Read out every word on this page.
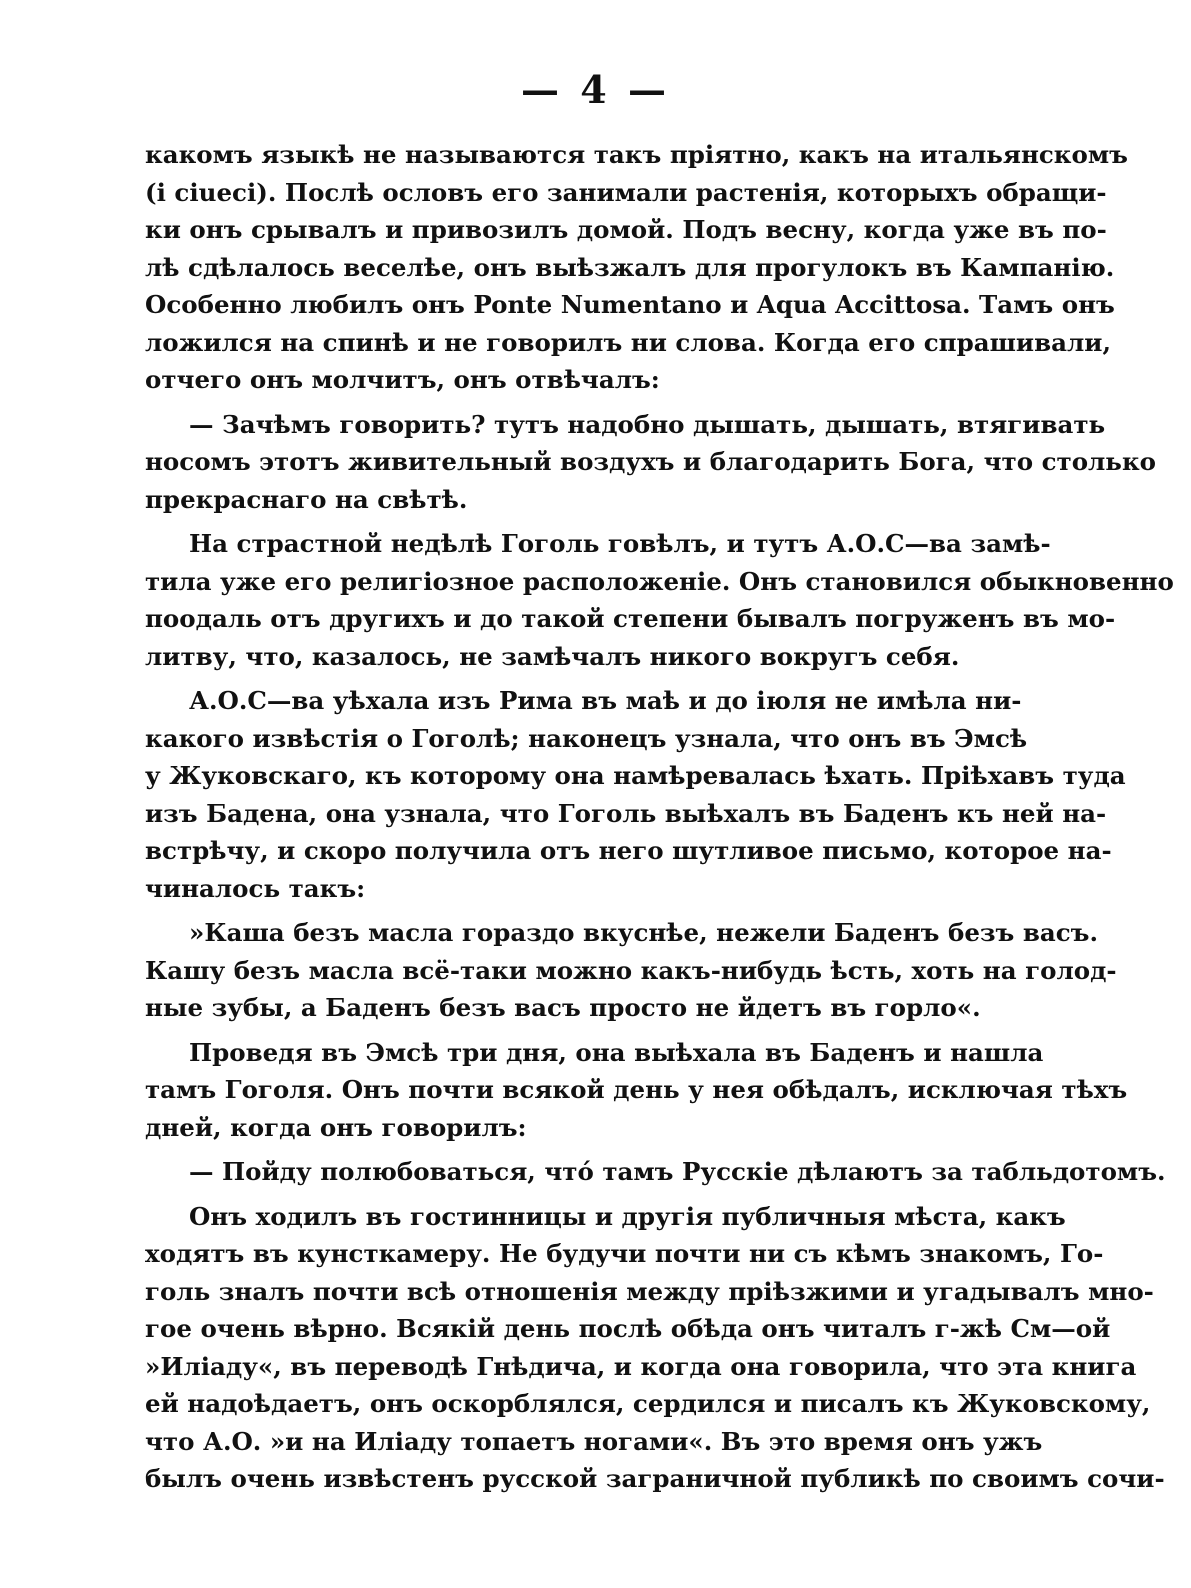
— 4 —
какомъ языкѣ не называются такъ пріятно, какъ на итальянскомъ
(i ciueci). Послѣ ословъ его занимали растенія, которыхъ обращи-
ки онъ срывалъ и привозилъ домой. Подъ весну, когда уже въ по-
лѣ сдѣлалось веселѣе, онъ выѣзжалъ для прогулокъ въ Кампанію.
Особенно любилъ онъ Ponte Numentano и Aqua Accittosa. Тамъ онъ
ложился на спинѣ и не говорилъ ни слова. Когда его спрашивали,
отчего онъ молчитъ, онъ отвѣчалъ:
— Зачѣмъ говорить? тутъ надобно дышать, дышать, втягивать
носомъ этотъ живительный воздухъ и благодарить Бога, что столько
прекраснаго на свѣтѣ.
На страстной недѣлѣ Гоголь говѣлъ, и тутъ А.О.С—ва замѣ-
тила уже его религіозное расположеніе. Онъ становился обыкновенно
поодаль отъ другихъ и до такой степени бывалъ погруженъ въ мо-
литву, что, казалось, не замѣчалъ никого вокругъ себя.
А.О.С—ва уѣхала изъ Рима въ маѣ и до іюля не имѣла ни-
какого извѣстія о Гоголѣ; наконецъ узнала, что онъ въ Эмсѣ
у Жуковскаго, къ которому она намѣревалась ѣхать. Пріѣхавъ туда
изъ Бадена, она узнала, что Гоголь выѣхалъ въ Баденъ къ ней на-
встрѣчу, и скоро получила отъ него шутливое письмо, которое на-
чиналось такъ:
»Каша безъ масла гораздо вкуснѣе, нежели Баденъ безъ васъ.
Кашу безъ масла всё-таки можно какъ-нибудь ѣсть, хоть на голод-
ные зубы, а Баденъ безъ васъ просто не йдетъ въ горло«.
Проведя въ Эмсѣ три дня, она выѣхала въ Баденъ и нашла
тамъ Гоголя. Онъ почти всякой день у нея обѣдалъ, исключая тѣхъ
дней, когда онъ говорилъ:
— Пойду полюбоваться, что́ тамъ Русскіе дѣлаютъ за табльдотомъ.
Онъ ходилъ въ гостинницы и другія публичныя мѣста, какъ
ходятъ въ кунсткамеру. Не будучи почти ни съ кѣмъ знакомъ, Го-
голь зналъ почти всѣ отношенія между пріѣзжими и угадывалъ мно-
гое очень вѣрно. Всякій день послѣ обѣда онъ читалъ г-жѣ См—ой
»Иліаду«, въ переводѣ Гнѣдича, и когда она говорила, что эта книга
ей надоѣдаетъ, онъ оскорблялся, сердился и писалъ къ Жуковскому,
что А.О. »и на Иліаду топаетъ ногами«. Въ это время онъ ужъ
былъ очень извѣстенъ русской заграничной публикѣ по своимъ сочи-
